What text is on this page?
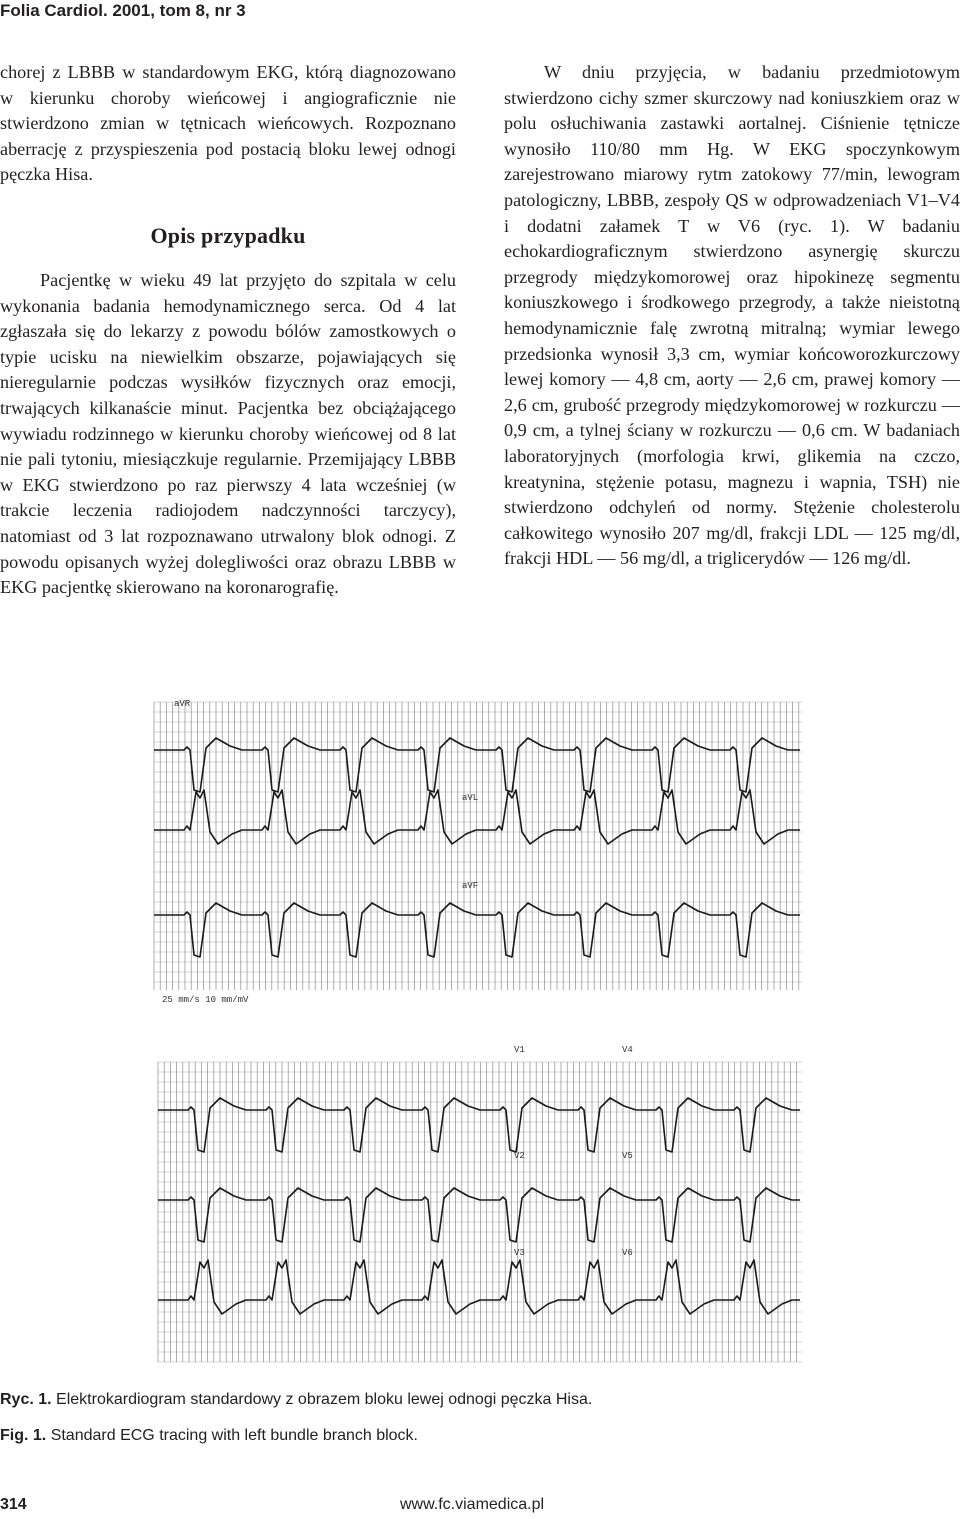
Folia Cardiol. 2001, tom 8, nr 3

chorej z LBBB w standardowym EKG, którą diagnozowano w kierunku choroby wieńcowej i angiograficznie nie stwierdzono zmian w tętnicach wieńcowych. Rozpoznano aberrację z przyspieszenia pod postacią bloku lewej odnogi pęczka Hisa.

Opis przypadku

Pacjentkę w wieku 49 lat przyjęto do szpitala w celu wykonania badania hemodynamicznego serca. Od 4 lat zgłaszała się do lekarzy z powodu bólów zamostkowych o typie ucisku na niewielkim obszarze, pojawiających się nieregularnie podczas wysiłków fizycznych oraz emocji, trwających kilkanaście minut. Pacjentka bez obciążającego wywiadu rodzinnego w kierunku choroby wieńcowej od 8 lat nie pali tytoniu, miesiączkuje regularnie. Przemijający LBBB w EKG stwierdzono po raz pierwszy 4 lata wcześniej (w trakcie leczenia radiojodem nadczynności tarczycy), natomiast od 3 lat rozpoznawano utrwalony blok odnogi. Z powodu opisanych wyżej dolegliwości oraz obrazu LBBB w EKG pacjentkę skierowano na koronarografię.

W dniu przyjęcia, w badaniu przedmiotowym stwierdzono cichy szmer skurczowy nad koniuszkiem oraz w polu osłuchiwania zastawki aortalnej. Ciśnienie tętnicze wynosiło 110/80 mm Hg. W EKG spoczynkowym zarejestrowano miarowy rytm zatokowy 77/min, lewogram patologiczny, LBBB, zespoły QS w odprowadzeniach V1–V4 i dodatni załamek T w V6 (ryc. 1). W badaniu echokardiograficznym stwierdzono asynergię skurczu przegrody międzykomorowej oraz hipokinezę segmentu koniuszkowego i środkowego przegrody, a także nieistotną hemodynamicznie falę zwrotną mitralną; wymiar lewego przedsionka wynosił 3,3 cm, wymiar końcoworozkurczowy lewej komory — 4,8 cm, aorty — 2,6 cm, prawej komory — 2,6 cm, grubość przegrody międzykomorowej w rozkurczu — 0,9 cm, a tylnej ściany w rozkurczu — 0,6 cm. W badaniach laboratoryjnych (morfologia krwi, glikemia na czczo, kreatynina, stężenie potasu, magnezu i wapnia, TSH) nie stwierdzono odchyleń od normy. Stężenie cholesterolu całkowitego wynosiło 207 mg/dl, frakcji LDL — 125 mg/dl, frakcji HDL — 56 mg/dl, a triglicerydów — 126 mg/dl.

aVR
aVL
aVF
V1
V2
V3
V4
V5
V6
25 mm/s 10 mm/mV
Ryc. 1. Elektrokardiogram standardowy z obrazem bloku lewej odnogi pęczka Hisa.
Fig. 1. Standard ECG tracing with left bundle branch block.
314	www.fc.viamedica.pl
